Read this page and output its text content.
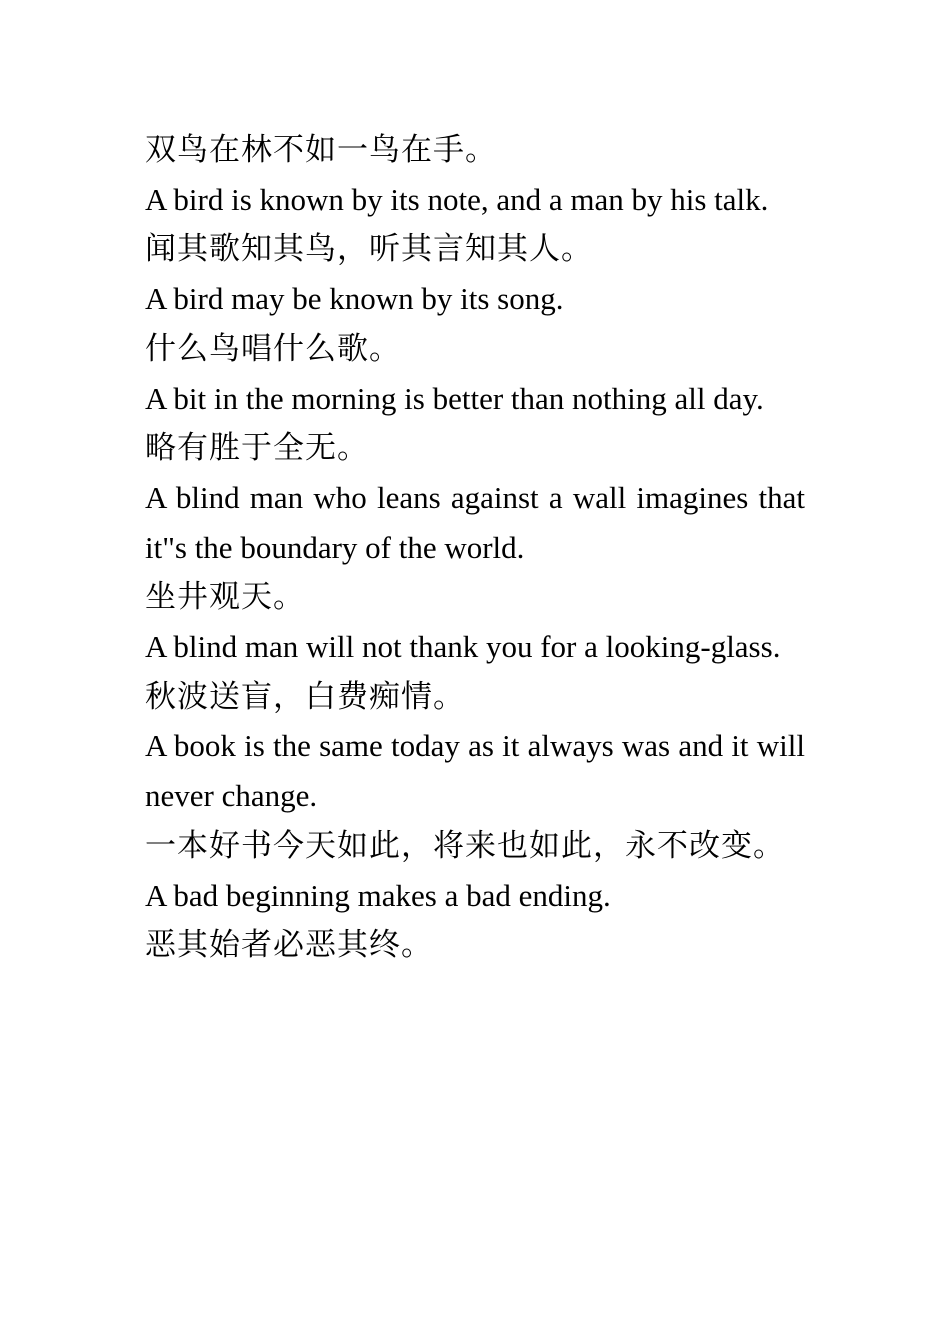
双鸟在林不如一鸟在手。

A bird is known by its note, and a man by his talk.

闻其歌知其鸟，听其言知其人。

A bird may be known by its song.

什么鸟唱什么歌。

A bit in the morning is better than nothing all day.

略有胜于全无。

A blind man who leans against a wall imagines that it"s the boundary of the world.

坐井观天。

A blind man will not thank you for a looking-glass.

秋波送盲，白费痴情。

A book is the same today as it always was and it will never change.

一本好书今天如此，将来也如此，永不改变。

A bad beginning makes a bad ending.

恶其始者必恶其终。
